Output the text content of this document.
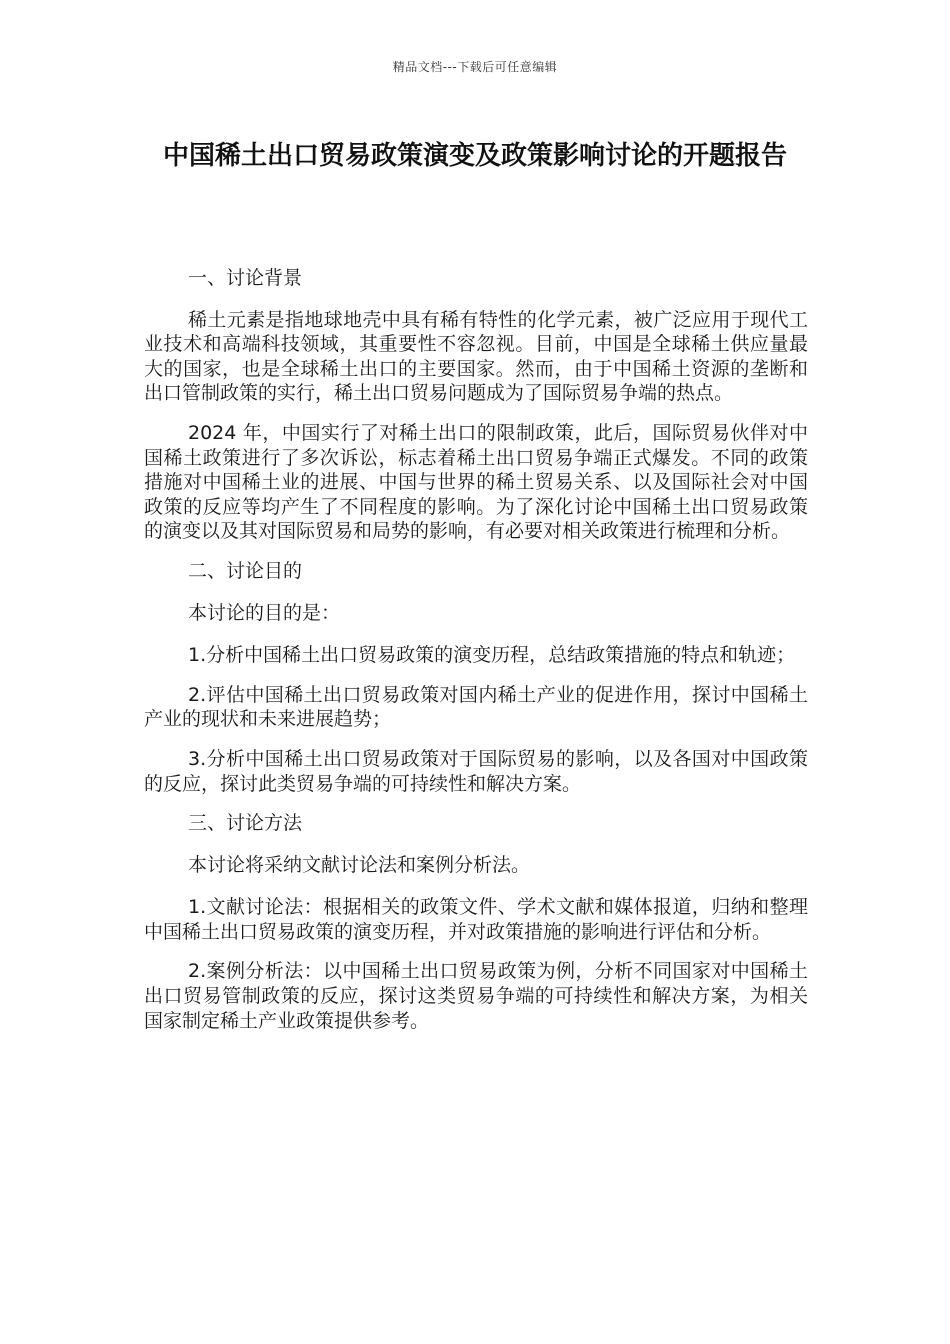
精品文档---下载后可任意编辑
中国稀土出口贸易政策演变及政策影响讨论的开题报告
一、讨论背景

稀土元素是指地球地壳中具有稀有特性的化学元素，被广泛应用于现代工业技术和高端科技领域，其重要性不容忽视。目前，中国是全球稀土供应量最大的国家，也是全球稀土出口的主要国家。然而，由于中国稀土资源的垄断和出口管制政策的实行，稀土出口贸易问题成为了国际贸易争端的热点。

2024 年，中国实行了对稀土出口的限制政策，此后，国际贸易伙伴对中国稀土政策进行了多次诉讼，标志着稀土出口贸易争端正式爆发。不同的政策措施对中国稀土业的进展、中国与世界的稀土贸易关系、以及国际社会对中国政策的反应等均产生了不同程度的影响。为了深化讨论中国稀土出口贸易政策的演变以及其对国际贸易和局势的影响，有必要对相关政策进行梳理和分析。

二、讨论目的

本讨论的目的是：

1.分析中国稀土出口贸易政策的演变历程，总结政策措施的特点和轨迹；

2.评估中国稀土出口贸易政策对国内稀土产业的促进作用，探讨中国稀土产业的现状和未来进展趋势；

3.分析中国稀土出口贸易政策对于国际贸易的影响，以及各国对中国政策的反应，探讨此类贸易争端的可持续性和解决方案。

三、讨论方法

本讨论将采纳文献讨论法和案例分析法。

1.文献讨论法：根据相关的政策文件、学术文献和媒体报道，归纳和整理中国稀土出口贸易政策的演变历程，并对政策措施的影响进行评估和分析。

2.案例分析法：以中国稀土出口贸易政策为例，分析不同国家对中国稀土出口贸易管制政策的反应，探讨这类贸易争端的可持续性和解决方案，为相关国家制定稀土产业政策提供参考。
